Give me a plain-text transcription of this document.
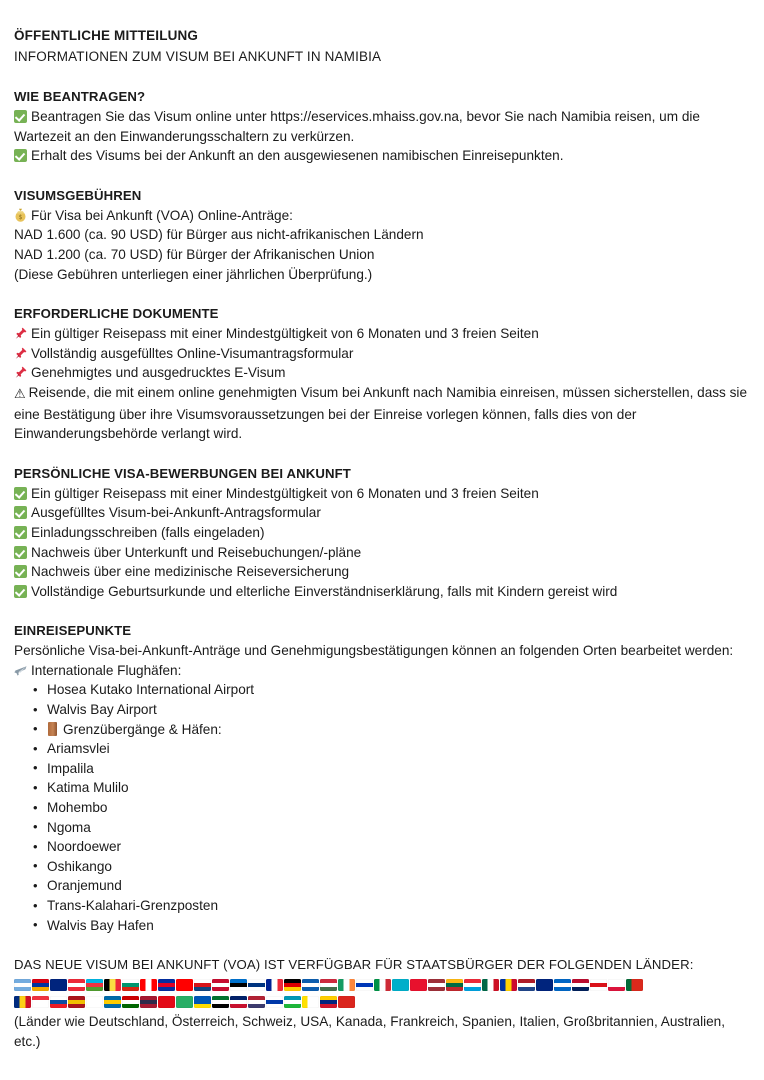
ÖFFENTLICHE MITTEILUNG
INFORMATIONEN ZUM VISUM BEI ANKUNFT IN NAMIBIA
WIE BEANTRAGEN?

Beantragen Sie das Visum online unter https://eservices.mhaiss.gov.na, bevor Sie nach Namibia reisen, um die Wartezeit an den Einwanderungsschaltern zu verkürzen.

Erhalt des Visums bei der Ankunft an den ausgewiesenen namibischen Einreisepunkten.

VISUMSGEBÜHREN

$ Für Visa bei Ankunft (VOA) Online-Anträge:

NAD 1.600 (ca. 90 USD) für Bürger aus nicht-afrikanischen Ländern

NAD 1.200 (ca. 70 USD) für Bürger der Afrikanischen Union

(Diese Gebühren unterliegen einer jährlichen Überprüfung.)

ERFORDERLICHE DOKUMENTE

Ein gültiger Reisepass mit einer Mindestgültigkeit von 6 Monaten und 3 freien Seiten

Vollständig ausgefülltes Online-Visumantragsformular

Genehmigtes und ausgedrucktes E-Visum

⚠ Reisende, die mit einem online genehmigten Visum bei Ankunft nach Namibia einreisen, müssen sicherstellen, dass sie eine Bestätigung über ihre Visumsvoraussetzungen bei der Einreise vorlegen können, falls dies von der Einwanderungsbehörde verlangt wird.

PERSÖNLICHE VISA-BEWERBUNGEN BEI ANKUNFT

Ein gültiger Reisepass mit einer Mindestgültigkeit von 6 Monaten und 3 freien Seiten

Ausgefülltes Visum-bei-Ankunft-Antragsformular

Einladungsschreiben (falls eingeladen)

Nachweis über Unterkunft und Reisebuchungen/-pläne

Nachweis über eine medizinische Reiseversicherung

Vollständige Geburtsurkunde und elterliche Einverständniserklärung, falls mit Kindern gereist wird

EINREISEPUNKTE

Persönliche Visa-bei-Ankunft-Anträge und Genehmigungsbestätigungen können an folgenden Orten bearbeitet werden:

Internationale Flughäfen:

• Hosea Kutako International Airport
• Walvis Bay Airport
• Grenzübergänge & Häfen:
• Ariamsvlei
• Impalila
• Katima Mulilo
• Mohembo
• Ngoma
• Noordoewer
• Oshikango
• Oranjemund
• Trans-Kalahari-Grenzposten
• Walvis Bay Hafen
DAS NEUE VISUM BEI ANKUNFT (VOA) IST VERFÜGBAR FÜR STAATSBÜRGER DER FOLGENDEN LÄNDER:

(Länder wie Deutschland, Österreich, Schweiz, USA, Kanada, Frankreich, Spanien, Italien, Großbritannien, Australien, etc.)
